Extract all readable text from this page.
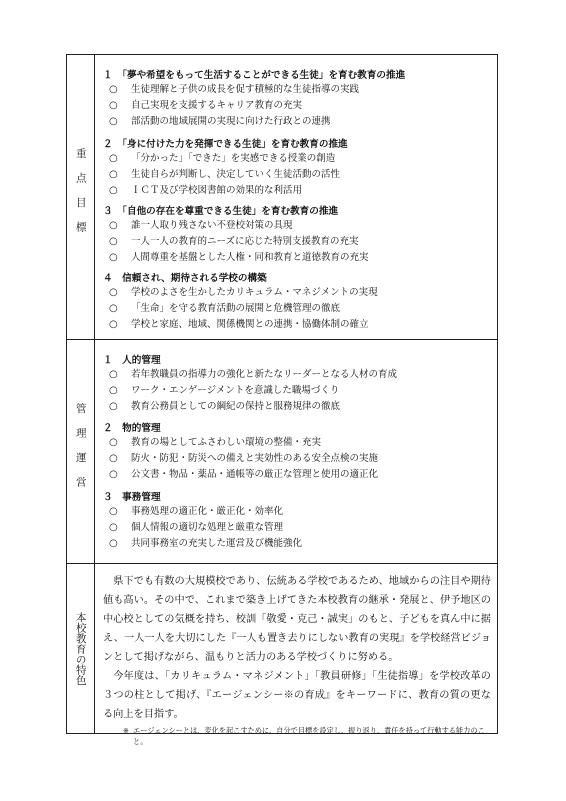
重点目標
１　「夢や希望をもって生活することができる生徒」を育む教育の推進
○
生徒理解と子供の成長を促す積極的な生徒指導の実践
○
自己実現を支援するキャリア教育の充実
○
部活動の地域展開の実現に向けた行政との連携
２　「身に付けた力を発揮できる生徒」を育む教育の推進
○
「分かった」「できた」を実感できる授業の創造
○
生徒自らが判断し、決定していく生徒活動の活性
○
ＩＣＴ及び学校図書館の効果的な利活用
３　「自他の存在を尊重できる生徒」を育む教育の推進
○
誰一人取り残さない不登校対策の具現
○
一人一人の教育的ニーズに応じた特別支援教育の充実
○
人間尊重を基盤とした人権・同和教育と道徳教育の充実
４　信頼され、期待される学校の構築
○
学校のよさを生かしたカリキュラム・マネジメントの実現
○
「生命」を守る教育活動の展開と危機管理の徹底
○
学校と家庭、地域、関係機関との連携・協働体制の確立
管理運営
１　人的管理
○
若年教職員の指導力の強化と新たなリーダーとなる人材の育成
○
ワーク・エンゲージメントを意識した職場づくり
○
教育公務員としての綱紀の保持と服務規律の徹底
２　物的管理
○
教育の場としてふさわしい環境の整備・充実
○
防火・防犯・防災への備えと実効性のある安全点検の実施
○
公文書・物品・薬品・通帳等の厳正な管理と使用の適正化
３　事務管理
○
事務処理の適正化・厳正化・効率化
○
個人情報の適切な処理と厳重な管理
○
共同事務室の充実した運営及び機能強化
本校教育の特色

県下でも有数の大規模校であり、伝統ある学校であるため、地域からの注目や期待値も高い。その中で、これまで築き上げてきた本校教育の継承・発展と、伊予地区の中心校としての気概を持ち、校訓「敬愛・克己・誠実」のもと、子どもを真ん中に据え、一人一人を大切にした『一人も置き去りにしない教育の実現』を学校経営ビジョンとして掲げながら、温もりと活力のある学校づくりに努める。

今年度は、「カリキュラム・マネジメント」「教員研修」「生徒指導」を学校改革の３つの柱として掲げ、『エージェンシー※の育成』をキーワードに、教育の質の更なる向上を目指す。

※ エージェンシーとは、変化を起こすために、自分で目標を設定し、振り返り、責任を持って行動する能力のこと。
